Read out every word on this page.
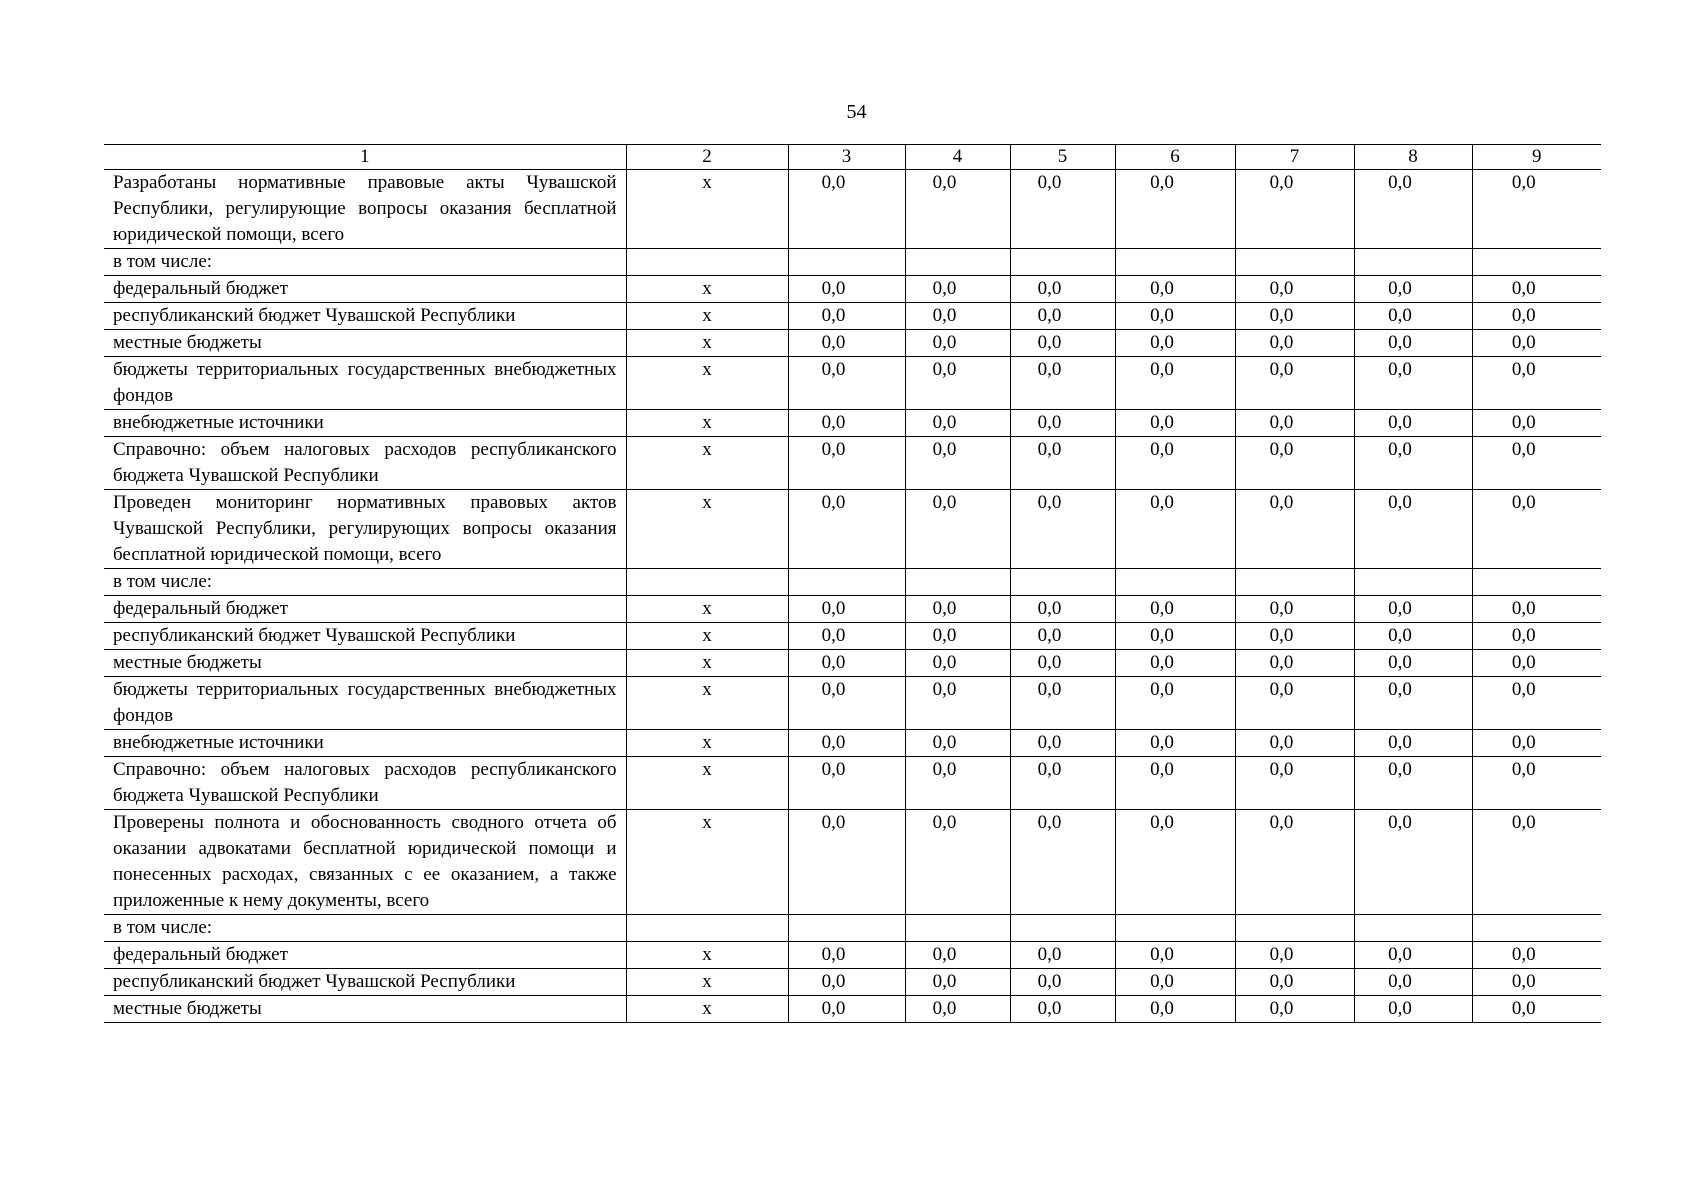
54
1	2	3	4	5	6	7	8	9
Разработаны нормативные правовые акты Чувашской Республики, регулирующие вопросы оказания бесплатной юридической помощи, всего	x	0,0	0,0	0,0	0,0	0,0	0,0	0,0
в том числе:								
федеральный бюджет	x	0,0	0,0	0,0	0,0	0,0	0,0	0,0
республиканский бюджет Чувашской Республики	x	0,0	0,0	0,0	0,0	0,0	0,0	0,0
местные бюджеты	x	0,0	0,0	0,0	0,0	0,0	0,0	0,0
бюджеты территориальных государственных внебюджетных фондов	x	0,0	0,0	0,0	0,0	0,0	0,0	0,0
внебюджетные источники	x	0,0	0,0	0,0	0,0	0,0	0,0	0,0
Справочно: объем налоговых расходов республиканского бюджета Чувашской Республики	x	0,0	0,0	0,0	0,0	0,0	0,0	0,0
Проведен мониторинг нормативных правовых актов Чувашской Республики, регулирующих вопросы оказания бесплатной юридической помощи, всего	x	0,0	0,0	0,0	0,0	0,0	0,0	0,0
в том числе:								
федеральный бюджет	x	0,0	0,0	0,0	0,0	0,0	0,0	0,0
республиканский бюджет Чувашской Республики	x	0,0	0,0	0,0	0,0	0,0	0,0	0,0
местные бюджеты	x	0,0	0,0	0,0	0,0	0,0	0,0	0,0
бюджеты территориальных государственных внебюджетных фондов	x	0,0	0,0	0,0	0,0	0,0	0,0	0,0
внебюджетные источники	x	0,0	0,0	0,0	0,0	0,0	0,0	0,0
Справочно: объем налоговых расходов республиканского бюджета Чувашской Республики	x	0,0	0,0	0,0	0,0	0,0	0,0	0,0
Проверены полнота и обоснованность сводного отчета об оказании адвокатами бесплатной юридической помощи и понесенных расходах, связанных с ее оказанием, а также приложенные к нему документы, всего	x	0,0	0,0	0,0	0,0	0,0	0,0	0,0
в том числе:								
федеральный бюджет	x	0,0	0,0	0,0	0,0	0,0	0,0	0,0
республиканский бюджет Чувашской Республики	x	0,0	0,0	0,0	0,0	0,0	0,0	0,0
местные бюджеты	x	0,0	0,0	0,0	0,0	0,0	0,0	0,0
